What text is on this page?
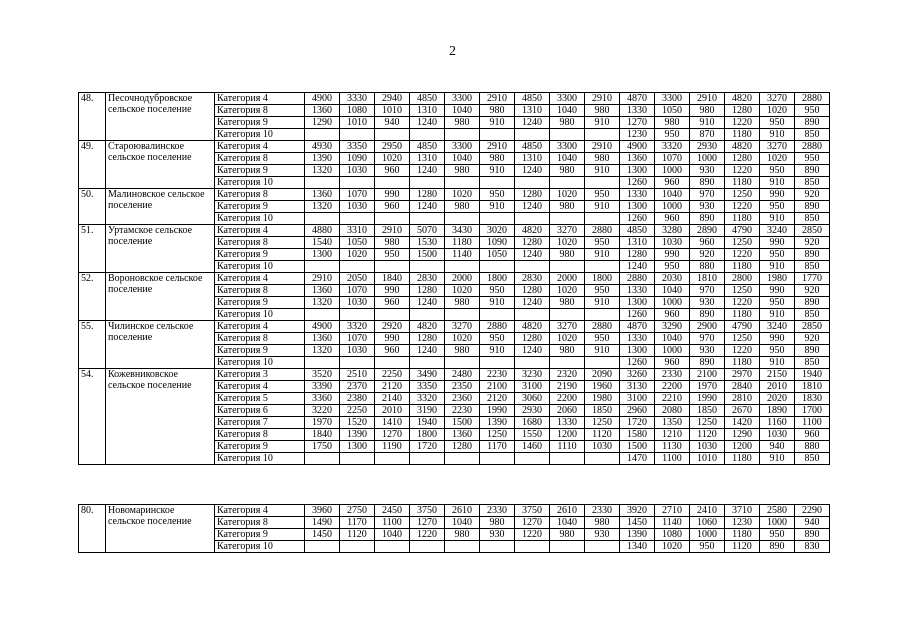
2
48.	Песочнодубровское сельское поселение	Категория 4	4900	3330	2940	4850	3300	2910	4850	3300	2910	4870	3300	2910	4820	3270	2880
		Категория 8	1360	1080	1010	1310	1040	980	1310	1040	980	1330	1050	980	1280	1020	950
		Категория 9	1290	1010	940	1240	980	910	1240	980	910	1270	980	910	1220	950	890
		Категория 10										1230	950	870	1180	910	850
49.	Староювалинское сельское поселение	Категория 4	4930	3350	2950	4850	3300	2910	4850	3300	2910	4900	3320	2930	4820	3270	2880
		Категория 8	1390	1090	1020	1310	1040	980	1310	1040	980	1360	1070	1000	1280	1020	950
		Категория 9	1320	1030	960	1240	980	910	1240	980	910	1300	1000	930	1220	950	890
		Категория 10										1260	960	890	1180	910	850
50.	Малиновское сельское поселение	Категория 8	1360	1070	990	1280	1020	950	1280	1020	950	1330	1040	970	1250	990	920
		Категория 9	1320	1030	960	1240	980	910	1240	980	910	1300	1000	930	1220	950	890
		Категория 10										1260	960	890	1180	910	850
51.	Уртамское сельское поселение	Категория 4	4880	3310	2910	5070	3430	3020	4820	3270	2880	4850	3280	2890	4790	3240	2850
		Категория 8	1540	1050	980	1530	1180	1090	1280	1020	950	1310	1030	960	1250	990	920
		Категория 9	1300	1020	950	1500	1140	1050	1240	980	910	1280	990	920	1220	950	890
		Категория 10										1240	950	880	1180	910	850
52.	Вороновское сельское поселение	Категория 4	2910	2050	1840	2830	2000	1800	2830	2000	1800	2880	2030	1810	2800	1980	1770
		Категория 8	1360	1070	990	1280	1020	950	1280	1020	950	1330	1040	970	1250	990	920
		Категория 9	1320	1030	960	1240	980	910	1240	980	910	1300	1000	930	1220	950	890
		Категория 10										1260	960	890	1180	910	850
55.	Чилинское сельское поселение	Категория 4	4900	3320	2920	4820	3270	2880	4820	3270	2880	4870	3290	2900	4790	3240	2850
		Категория 8	1360	1070	990	1280	1020	950	1280	1020	950	1330	1040	970	1250	990	920
		Категория 9	1320	1030	960	1240	980	910	1240	980	910	1300	1000	930	1220	950	890
		Категория 10										1260	960	890	1180	910	850
54.	Кожевниковское сельское поселение	Категория 3	3520	2510	2250	3490	2480	2230	3230	2320	2090	3260	2330	2100	2970	2150	1940
		Категория 4	3390	2370	2120	3350	2350	2100	3100	2190	1960	3130	2200	1970	2840	2010	1810
		Категория 5	3360	2380	2140	3320	2360	2120	3060	2200	1980	3100	2210	1990	2810	2020	1830
		Категория 6	3220	2250	2010	3190	2230	1990	2930	2060	1850	2960	2080	1850	2670	1890	1700
		Категория 7	1970	1520	1410	1940	1500	1390	1680	1330	1250	1720	1350	1250	1420	1160	1100
		Категория 8	1840	1390	1270	1800	1360	1250	1550	1200	1120	1580	1210	1120	1290	1030	960
		Категория 9	1750	1300	1190	1720	1280	1170	1460	1110	1030	1500	1130	1030	1200	940	880
		Категория 10										1470	1100	1010	1180	910	850
80.	Новомаринское сельское поселение	Категория 4	3960	2750	2450	3750	2610	2330	3750	2610	2330	3920	2710	2410	3710	2580	2290
		Категория 8	1490	1170	1100	1270	1040	980	1270	1040	980	1450	1140	1060	1230	1000	940
		Категория 9	1450	1120	1040	1220	980	930	1220	980	930	1390	1080	1000	1180	950	890
		Категория 10										1340	1020	950	1120	890	830
